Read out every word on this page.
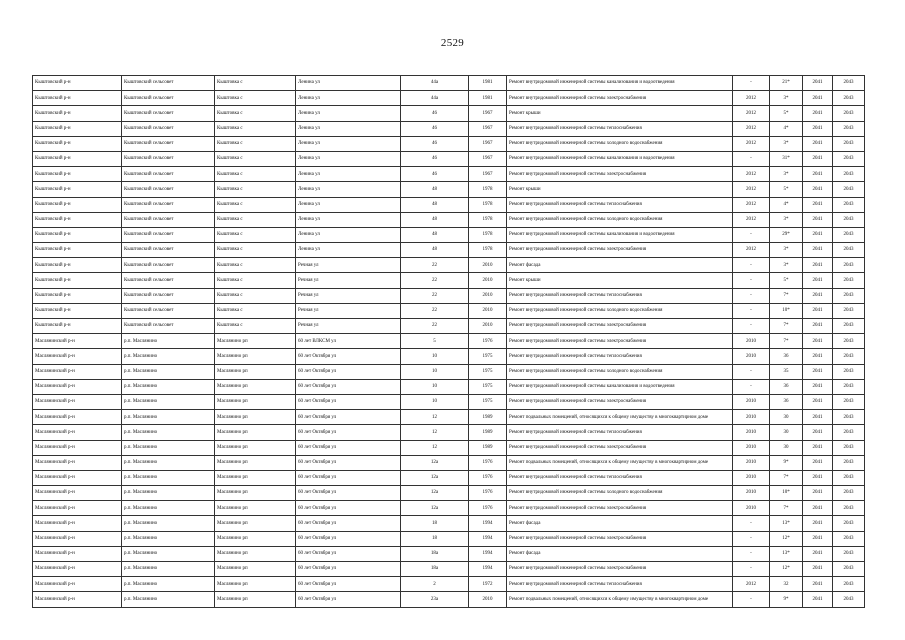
2529
Кыштовский р-н	Кыштовский сельсовет	Кыштовка с	Ленина ул	44а	1981	Ремонт внутридомовой инженерной системы канализования и водоотведения	-	21*	2041	2043
Кыштовский р-н	Кыштовский сельсовет	Кыштовка с	Ленина ул	44а	1981	Ремонт внутридомовой инженерной системы электроснабжения	2012	3*	2041	2043
Кыштовский р-н	Кыштовский сельсовет	Кыштовка с	Ленина ул	46	1967	Ремонт крыши	2012	5*	2041	2043
Кыштовский р-н	Кыштовский сельсовет	Кыштовка с	Ленина ул	46	1967	Ремонт внутридомовой инженерной системы теплоснабжения	2012	4*	2041	2043
Кыштовский р-н	Кыштовский сельсовет	Кыштовка с	Ленина ул	46	1967	Ремонт внутридомовой инженерной системы холодного водоснабжения	2012	3*	2041	2043
Кыштовский р-н	Кыштовский сельсовет	Кыштовка с	Ленина ул	46	1967	Ремонт внутридомовой инженерной системы канализования и водоотведения	-	31*	2041	2043
Кыштовский р-н	Кыштовский сельсовет	Кыштовка с	Ленина ул	46	1967	Ремонт внутридомовой инженерной системы электроснабжения	2012	3*	2041	2043
Кыштовский р-н	Кыштовский сельсовет	Кыштовка с	Ленина ул	48	1978	Ремонт крыши	2012	5*	2041	2043
Кыштовский р-н	Кыштовский сельсовет	Кыштовка с	Ленина ул	48	1978	Ремонт внутридомовой инженерной системы теплоснабжения	2012	4*	2041	2043
Кыштовский р-н	Кыштовский сельсовет	Кыштовка с	Ленина ул	48	1978	Ремонт внутридомовой инженерной системы холодного водоснабжения	2012	3*	2041	2043
Кыштовский р-н	Кыштовский сельсовет	Кыштовка с	Ленина ул	48	1978	Ремонт внутридомовой инженерной системы канализования и водоотведения	-	29*	2041	2043
Кыштовский р-н	Кыштовский сельсовет	Кыштовка с	Ленина ул	48	1978	Ремонт внутридомовой инженерной системы электроснабжения	2012	3*	2041	2043
Кыштовский р-н	Кыштовский сельсовет	Кыштовка с	Речная ул	22	2010	Ремонт фасада	-	3*	2041	2043
Кыштовский р-н	Кыштовский сельсовет	Кыштовка с	Речная ул	22	2010	Ремонт крыши	-	5*	2041	2043
Кыштовский р-н	Кыштовский сельсовет	Кыштовка с	Речная ул	22	2010	Ремонт внутридомовой инженерной системы теплоснабжения	-	7*	2041	2043
Кыштовский р-н	Кыштовский сельсовет	Кыштовка с	Речная ул	22	2010	Ремонт внутридомовой инженерной системы холодного водоснабжения	-	10*	2041	2043
Кыштовский р-н	Кыштовский сельсовет	Кыштовка с	Речная ул	22	2010	Ремонт внутридомовой инженерной системы электроснабжения	-	7*	2041	2043
Маслянинский р-н	р.п. Маслянино	Маслянино рп	60 лет ВЛКСМ ул	5	1976	Ремонт внутридомовой инженерной системы электроснабжения	2010	7*	2041	2043
Маслянинский р-н	р.п. Маслянино	Маслянино рп	60 лет Октября ул	10	1975	Ремонт внутридомовой инженерной системы теплоснабжения	2010	36	2041	2043
Маслянинский р-н	р.п. Маслянино	Маслянино рп	60 лет Октября ул	10	1975	Ремонт внутридомовой инженерной системы холодного водоснабжения	-	35	2041	2043
Маслянинский р-н	р.п. Маслянино	Маслянино рп	60 лет Октября ул	10	1975	Ремонт внутридомовой инженерной системы канализования и водоотведения	-	36	2041	2043
Маслянинский р-н	р.п. Маслянино	Маслянино рп	60 лет Октября ул	10	1975	Ремонт внутридомовой инженерной системы электроснабжения	2010	36	2041	2043
Маслянинский р-н	р.п. Маслянино	Маслянино рп	60 лет Октября ул	12	1989	Ремонт подвальных помещений, относящихся к общему имуществу в многоквартирном доме	2010	30	2041	2043
Маслянинский р-н	р.п. Маслянино	Маслянино рп	60 лет Октября ул	12	1989	Ремонт внутридомовой инженерной системы теплоснабжения	2010	30	2041	2043
Маслянинский р-н	р.п. Маслянино	Маслянино рп	60 лет Октября ул	12	1989	Ремонт внутридомовой инженерной системы электроснабжения	2010	30	2041	2043
Маслянинский р-н	р.п. Маслянино	Маслянино рп	60 лет Октября ул	12а	1976	Ремонт подвальных помещений, относящихся к общему имуществу в многоквартирном доме	2010	9*	2041	2043
Маслянинский р-н	р.п. Маслянино	Маслянино рп	60 лет Октября ул	12а	1976	Ремонт внутридомовой инженерной системы теплоснабжения	2010	7*	2041	2043
Маслянинский р-н	р.п. Маслянино	Маслянино рп	60 лет Октября ул	12а	1976	Ремонт внутридомовой инженерной системы холодного водоснабжения	2010	10*	2041	2043
Маслянинский р-н	р.п. Маслянино	Маслянино рп	60 лет Октября ул	12а	1976	Ремонт внутридомовой инженерной системы электроснабжения	2010	7*	2041	2043
Маслянинский р-н	р.п. Маслянино	Маслянино рп	60 лет Октября ул	18	1994	Ремонт фасада	-	13*	2041	2043
Маслянинский р-н	р.п. Маслянино	Маслянино рп	60 лет Октября ул	18	1994	Ремонт внутридомовой инженерной системы электроснабжения	-	12*	2041	2043
Маслянинский р-н	р.п. Маслянино	Маслянино рп	60 лет Октября ул	18а	1994	Ремонт фасада	-	13*	2041	2043
Маслянинский р-н	р.п. Маслянино	Маслянино рп	60 лет Октября ул	18а	1994	Ремонт внутридомовой инженерной системы электроснабжения	-	12*	2041	2043
Маслянинский р-н	р.п. Маслянино	Маслянино рп	60 лет Октября ул	2	1972	Ремонт внутридомовой инженерной системы теплоснабжения	2012	32	2041	2043
Маслянинский р-н	р.п. Маслянино	Маслянино рп	60 лет Октября ул	23а	2010	Ремонт подвальных помещений, относящихся к общему имуществу в многоквартирном доме	-	9*	2041	2043
